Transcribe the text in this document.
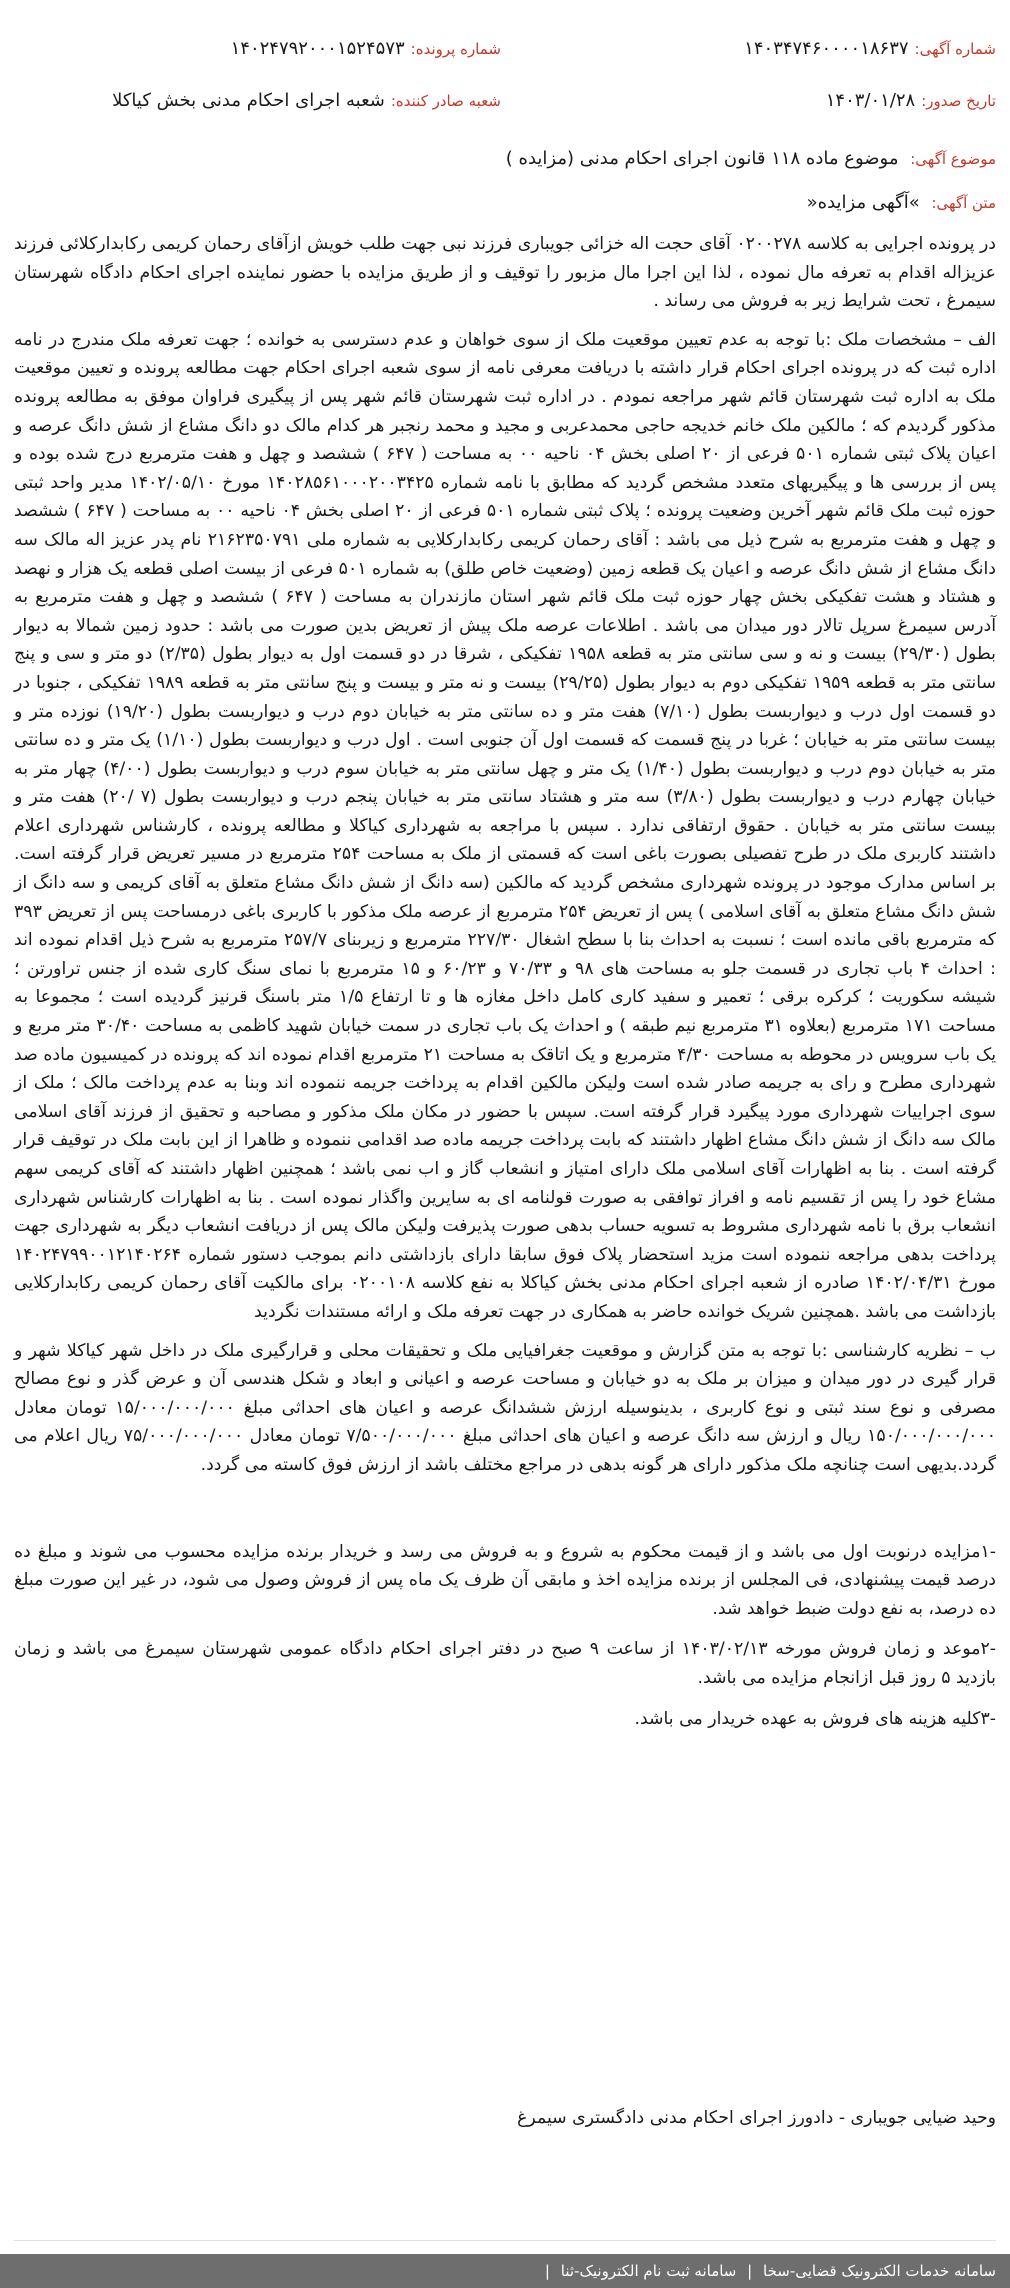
شماره آگهی:۱۴۰۳۴۷۴۶۰۰۰۰۱۸۶۳۷
شماره پرونده:۱۴۰۲۴۷۹۲۰۰۰۱۵۲۴۵۷۳
تاریخ صدور:۱۴۰۳/۰۱/۲۸
شعبه صادر کننده:شعبه اجرای احکام مدنی بخش کیاکلا
موضوع آگهی: موضوع ماده ۱۱۸ قانون اجرای احکام مدنی (مزایده )
متن آگهی: »آگهی مزایده«

در پرونده اجرایی به کلاسه ۰۲۰۰۲۷۸ آقای حجت اله خزائی جویباری فرزند نبی جهت طلب خویش ازآقای رحمان کریمی رکابدارکلائی فرزند عزیزاله اقدام به تعرفه مال نموده ، لذا این اجرا مال مزبور را توقیف و از طریق مزایده با حضور نماینده اجرای احکام دادگاه شهرستان سیمرغ ، تحت شرایط زیر به فروش می رساند .

الف – مشخصات ملک :با توجه به عدم تعیین موقعیت ملک از سوی خواهان و عدم دسترسی به خوانده ؛ جهت تعرفه ملک مندرج در نامه اداره ثبت که در پرونده اجرای احکام قرار داشته با دریافت معرفی نامه از سوی شعبه اجرای احکام جهت مطالعه پرونده و تعیین موقعیت ملک به اداره ثبت شهرستان قائم شهر مراجعه نمودم . در اداره ثبت شهرستان قائم شهر پس از پیگیری فراوان موفق به مطالعه پرونده مذکور گردیدم که ؛ مالکین ملک خانم خدیجه حاجی محمدعربی و مجید و محمد رنجبر هر کدام مالک دو دانگ مشاع از شش دانگ عرصه و اعیان پلاک ثبتی شماره ۵۰۱ فرعی از ۲۰ اصلی بخش ۰۴ ناحیه ۰۰ به مساحت ( ۶۴۷ ) ششصد و چهل و هفت مترمربع درج شده بوده و پس از بررسی ها و پیگیریهای متعدد مشخص گردید که مطابق با نامه شماره ۱۴۰۲۸۵۶۱۰۰۰۲۰۰۳۴۲۵ مورخ ۱۴۰۲/۰۵/۱۰ مدیر واحد ثبتی حوزه ثبت ملک قائم شهر آخرین وضعیت پرونده ؛ پلاک ثبتی شماره ۵۰۱ فرعی از ۲۰ اصلی بخش ۰۴ ناحیه ۰۰ به مساحت ( ۶۴۷ ) ششصد و چهل و هفت مترمربع به شرح ذیل می باشد : آقای رحمان کریمی رکابدارکلایی به شماره ملی ۲۱۶۲۳۵۰۷۹۱ نام پدر عزیز اله مالک سه دانگ مشاع از شش دانگ عرصه و اعیان یک قطعه زمین (وضعیت خاص طلق) به شماره ۵۰۱ فرعی از بیست اصلی قطعه یک هزار و نهصد و هشتاد و هشت تفکیکی بخش چهار حوزه ثبت ملک قائم شهر استان مازندران به مساحت ( ۶۴۷ ) ششصد و چهل و هفت مترمربع به آدرس سیمرغ سرپل تالار دور میدان می باشد . اطلاعات عرصه ملک پیش از تعریض بدین صورت می باشد : حدود زمین شمالا به دیوار بطول (۲۹/۳۰) بیست و نه و سی سانتی متر به قطعه ۱۹۵۸ تفکیکی ، شرقا در دو قسمت اول به دیوار بطول (۲/۳۵) دو متر و سی و پنج سانتی متر به قطعه ۱۹۵۹ تفکیکی دوم به دیوار بطول (۲۹/۲۵) بیست و نه متر و بیست و پنج سانتی متر به قطعه ۱۹۸۹ تفکیکی ، جنوبا در دو قسمت اول درب و دیواربست بطول (۷/۱۰) هفت متر و ده سانتی متر به خیابان دوم درب و دیواربست بطول (۱۹/۲۰) نوزده متر و بیست سانتی متر به خیابان ؛ غربا در پنج قسمت که قسمت اول آن جنوبی است . اول درب و دیواربست بطول (۱/۱۰) یک متر و ده سانتی متر به خیابان دوم درب و دیواربست بطول (۱/۴۰) یک متر و چهل سانتی متر به خیابان سوم درب و دیواربست بطول (۴/۰۰) چهار متر به خیابان چهارم درب و دیواربست بطول (۳/۸۰) سه متر و هشتاد سانتی متر به خیابان پنجم درب و دیواربست بطول (۷ /۲۰) هفت متر و بیست سانتی متر به خیابان . حقوق ارتفاقی ندارد . سپس با مراجعه به شهرداری کیاکلا و مطالعه پرونده ، کارشناس شهرداری اعلام داشتند کاربری ملک در طرح تفصیلی بصورت باغی است که قسمتی از ملک به مساحت ۲۵۴ مترمربع در مسیر تعریض قرار گرفته است. بر اساس مدارک موجود در پرونده شهرداری مشخص گردید که مالکین (سه دانگ از شش دانگ مشاع متعلق به آقای کریمی و سه دانگ از شش دانگ مشاع متعلق به آقای اسلامی ) پس از تعریض ۲۵۴ مترمربع از عرصه ملک مذکور با کاربری باغی درمساحت پس از تعریض ۳۹۳ که مترمربع باقی مانده است ؛ نسبت به احداث بنا با سطح اشغال ۲۲۷/۳۰ مترمربع و زیربنای ۲۵۷/۷ مترمربع به شرح ذیل اقدام نموده اند : احداث ۴ باب تجاری در قسمت جلو به مساحت های ۹۸ و ۷۰/۳۳ و ۶۰/۲۳ و ۱۵ مترمربع با نمای سنگ کاری شده از جنس تراورتن ؛ شیشه سکوریت ؛ کرکره برقی ؛ تعمیر و سفید کاری کامل داخل مغازه ها و تا ارتفاع ۱/۵ متر باسنگ قرنیز گردیده است ؛ مجموعا به مساحت ۱۷۱ مترمربع (بعلاوه ۳۱ مترمربع نیم طبقه ) و احداث یک باب تجاری در سمت خیابان شهید کاظمی به مساحت ۳۰/۴۰ متر مربع و یک باب سرویس در محوطه به مساحت ۴/۳۰ مترمربع و یک اتاقک به مساحت ۲۱ مترمربع اقدام نموده اند که پرونده در کمیسیون ماده صد شهرداری مطرح و رای به جریمه صادر شده است ولیکن مالکین اقدام به پرداخت جریمه ننموده اند وبنا به عدم پرداخت مالک ؛ ملک از سوی اجراییات شهرداری مورد پیگیرد قرار گرفته است. سپس با حضور در مکان ملک مذکور و مصاحبه و تحقیق از فرزند آقای اسلامی مالک سه دانگ از شش دانگ مشاع اظهار داشتند که بابت پرداخت جریمه ماده صد اقدامی ننموده و ظاهرا از این بابت ملک در توقیف قرار گرفته است . بنا به اظهارات آقای اسلامی ملک دارای امتیاز و انشعاب گاز و اب نمی باشد ؛ همچنین اظهار داشتند که آقای کریمی سهم مشاع خود را پس از تقسیم نامه و افراز توافقی به صورت قولنامه ای به سایرین واگذار نموده است . بنا به اظهارات کارشناس شهرداری انشعاب برق با نامه شهرداری مشروط به تسویه حساب بدهی صورت پذیرفت ولیکن مالک پس از دریافت انشعاب دیگر به شهرداری جهت پرداخت بدهی مراجعه ننموده است مزید استحضار پلاک فوق سابقا دارای بازداشتی دانم بموجب دستور شماره ۱۴۰۲۴۷۹۹۰۰۱۲۱۴۰۲۶۴ مورخ ۱۴۰۲/۰۴/۳۱ صادره از شعبه اجرای احکام مدنی بخش کیاکلا به نفع کلاسه ۰۲۰۰۱۰۸ برای مالکیت آقای رحمان کریمی رکابدارکلایی بازداشت می باشد .همچنین شریک خوانده حاضر به همکاری در جهت تعرفه ملک و ارائه مستندات نگردید

ب – نظریه کارشناسی :با توجه به متن گزارش و موقعیت جغرافیایی ملک و تحقیقات محلی و قرارگیری ملک در داخل شهر کیاکلا شهر و قرار گیری در دور میدان و میزان بر ملک به دو خیابان و مساحت عرصه و اعیانی و ابعاد و شکل هندسی آن و عرض گذر و نوع مصالح مصرفی و نوع سند ثبتی و نوع کاربری ، بدینوسیله ارزش ششدانگ عرصه و اعیان های احداثی مبلغ ۱۵/۰۰۰/۰۰۰/۰۰۰ تومان معادل ۱۵۰/۰۰۰/۰۰۰/۰۰۰ ریال و ارزش سه دانگ عرصه و اعیان های احداثی مبلغ ۷/۵۰۰/۰۰۰/۰۰۰ تومان معادل ۷۵/۰۰۰/۰۰۰/۰۰۰ ریال اعلام می گردد.بدیهی است چنانچه ملک مذکور دارای هر گونه بدهی در مراجع مختلف باشد از ارزش فوق کاسته می گردد.

-۱مزایده درنوبت اول می باشد و از قیمت محکوم به شروع و به فروش می رسد و خریدار برنده مزایده محسوب می شوند و مبلغ ده درصد قیمت پیشنهادی، فی المجلس از برنده مزایده اخذ و مابقی آن ظرف یک ماه پس از فروش وصول می شود، در غیر این صورت مبلغ ده درصد، به نفع دولت ضبط خواهد شد.

-۲موعد و زمان فروش مورخه ۱۴۰۳/۰۲/۱۳ از ساعت ۹ صبح در دفتر اجرای احکام دادگاه عمومی شهرستان سیمرغ می باشد و زمان بازدید ۵ روز قبل ازانجام مزایده می باشد.

-۳کلیه هزینه های فروش به عهده خریدار می باشد.

وحید ضیایی جویباری - دادورز اجرای احکام مدنی دادگستری سیمرغ
سامانه خدمات الکترونیک قضایی-سخا | سامانه ثبت نام الکترونیک-ثنا |
